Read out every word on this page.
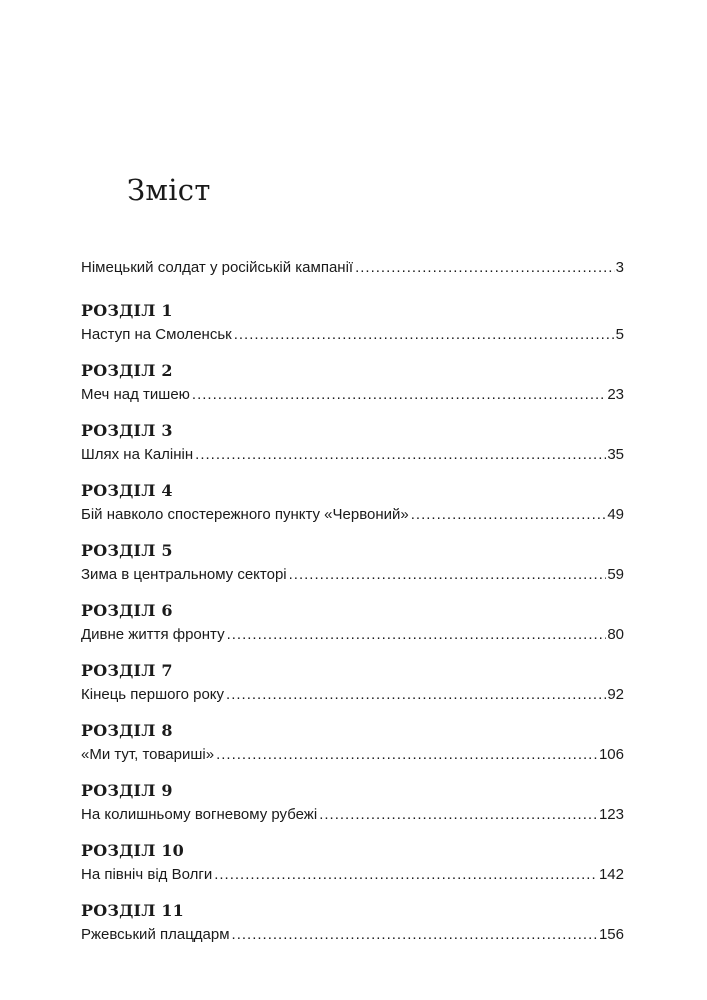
Зміст
Німецький солдат у російській кампанії .....	3
РОЗДІЛ 1
Наступ на Смоленськ .....	5
РОЗДІЛ 2
Меч над тишею .....	23
РОЗДІЛ 3
Шлях на Калінін .....	35
РОЗДІЛ 4
Бій навколо спостережного пункту «Червоний» .....	49
РОЗДІЛ 5
Зима в центральному секторі .....	59
РОЗДІЛ 6
Дивне життя фронту .....	80
РОЗДІЛ 7
Кінець першого року .....	92
РОЗДІЛ 8
«Ми тут, товариші» .....	106
РОЗДІЛ 9
На колишньому вогневому рубежі .....	123
РОЗДІЛ 10
На північ від Волги .....	142
РОЗДІЛ 11
Ржевський плацдарм .....	156
